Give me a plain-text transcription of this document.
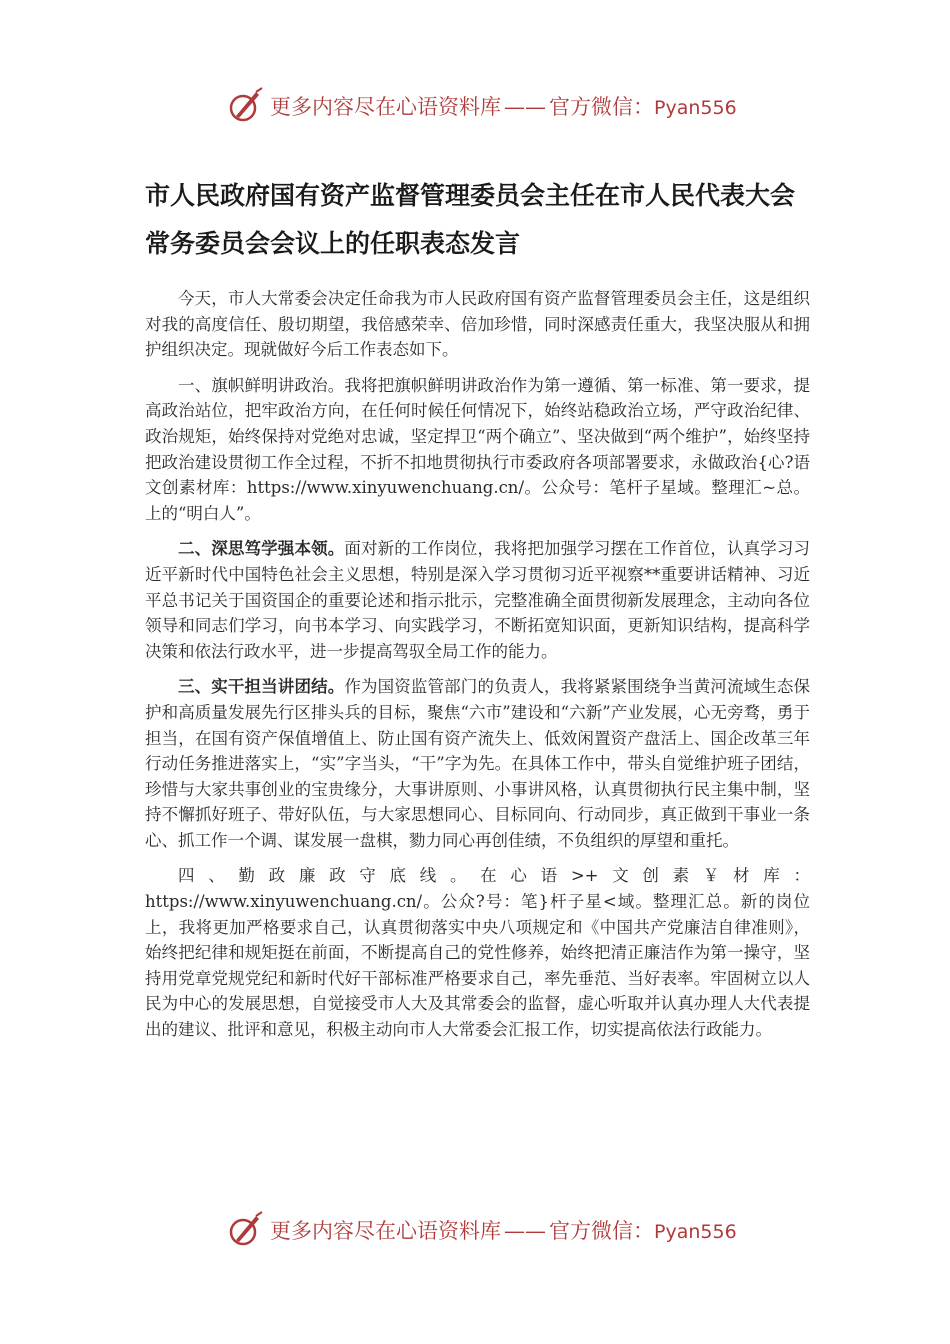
更多内容尽在心语资料库 —— 官方微信：Pyan556
市人民政府国有资产监督管理委员会主任在市人民代表大会常务委员会会议上的任职表态发言

今天，市人大常委会决定任命我为市人民政府国有资产监督管理委员会主任，这是组织对我的高度信任、殷切期望，我倍感荣幸、倍加珍惜，同时深感责任重大，我坚决服从和拥护组织决定。现就做好今后工作表态如下。

一、旗帜鲜明讲政治。我将把旗帜鲜明讲政治作为第一遵循、第一标准、第一要求，提高政治站位，把牢政治方向，在任何时候任何情况下，始终站稳政治立场，严守政治纪律、政治规矩，始终保持对党绝对忠诚，坚定捍卫“两个确立”、坚决做到“两个维护”，始终坚持把政治建设贯彻工作全过程，不折不扣地贯彻执行市委政府各项部署要求，永做政治{心?语文创素材库：https://www.xinyuwenchuang.cn/。公众号：笔杆子星域。整理汇~总。上的“明白人”。

二、深思笃学强本领。面对新的工作岗位，我将把加强学习摆在工作首位，认真学习习近平新时代中国特色社会主义思想，特别是深入学习贯彻习近平视察**重要讲话精神、习近平总书记关于国资国企的重要论述和指示批示，完整准确全面贯彻新发展理念，主动向各位领导和同志们学习，向书本学习、向实践学习，不断拓宽知识面，更新知识结构，提高科学决策和依法行政水平，进一步提高驾驭全局工作的能力。

三、实干担当讲团结。作为国资监管部门的负责人，我将紧紧围绕争当黄河流域生态保护和高质量发展先行区排头兵的目标，聚焦“六市”建设和“六新”产业发展，心无旁骛，勇于担当，在国有资产保值增值上、防止国有资产流失上、低效闲置资产盘活上、国企改革三年行动任务推进落实上，“实”字当头，“干”字为先。在具体工作中，带头自觉维护班子团结，珍惜与大家共事创业的宝贵缘分，大事讲原则、小事讲风格，认真贯彻执行民主集中制，坚持不懈抓好班子、带好队伍，与大家思想同心、目标同向、行动同步，真正做到干事业一条心、抓工作一个调、谋发展一盘棋，勠力同心再创佳绩，不负组织的厚望和重托。

四、勤政廉政守底线。在心语>+文创素￥材库：https://www.xinyuwenchuang.cn/。公众?号：笔}杆子星<域。整理汇总。新的岗位上，我将更加严格要求自己，认真贯彻落实中央八项规定和《中国共产党廉洁自律准则》，始终把纪律和规矩挺在前面，不断提高自己的党性修养，始终把清正廉洁作为第一操守，坚持用党章党规党纪和新时代好干部标准严格要求自己，率先垂范、当好表率。牢固树立以人民为中心的发展思想，自觉接受市人大及其常委会的监督，虚心听取并认真办理人大代表提出的建议、批评和意见，积极主动向市人大常委会汇报工作，切实提高依法行政能力。

更多内容尽在心语资料库 —— 官方微信：Pyan556
